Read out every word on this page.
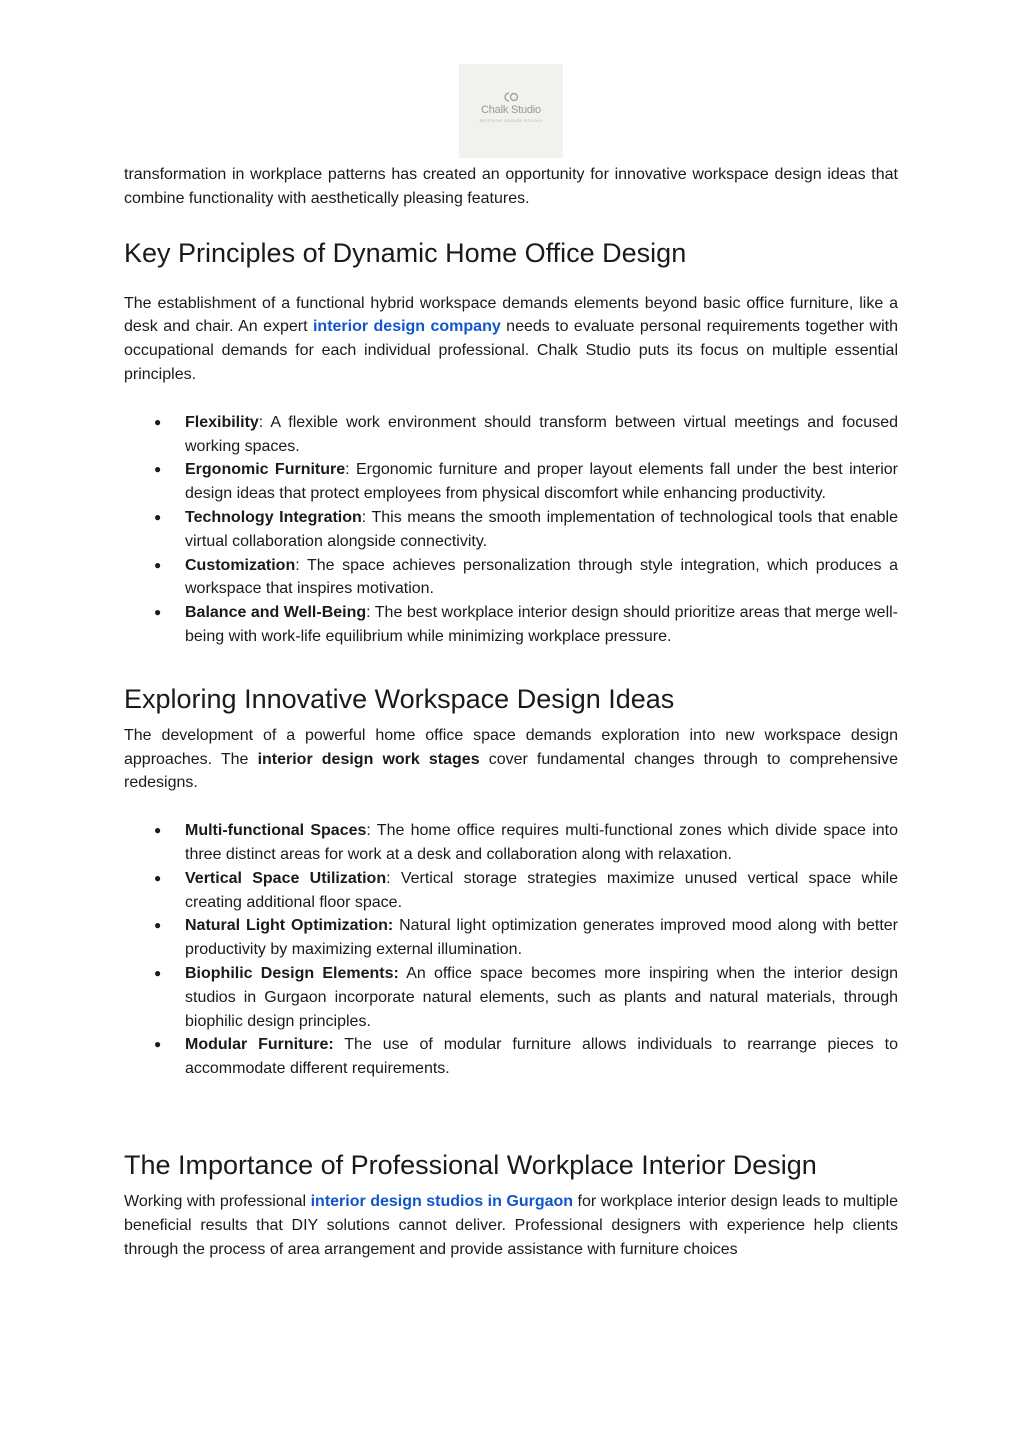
Chalk Studio
INTERIOR DESIGN STUDIO

transformation in workplace patterns has created an opportunity for innovative workspace design ideas that combine functionality with aesthetically pleasing features.

Key Principles of Dynamic Home Office Design

The establishment of a functional hybrid workspace demands elements beyond basic office furniture, like a desk and chair. An expert interior design company needs to evaluate personal requirements together with occupational demands for each individual professional. Chalk Studio puts its focus on multiple essential principles.

● Flexibility: A flexible work environment should transform between virtual meetings and focused working spaces.
● Ergonomic Furniture: Ergonomic furniture and proper layout elements fall under the best interior design ideas that protect employees from physical discomfort while enhancing productivity.
● Technology Integration: This means the smooth implementation of technological tools that enable virtual collaboration alongside connectivity.
● Customization: The space achieves personalization through style integration, which produces a workspace that inspires motivation.
● Balance and Well-Being: The best workplace interior design should prioritize areas that merge well-being with work-life equilibrium while minimizing workplace pressure.
Exploring Innovative Workspace Design Ideas

The development of a powerful home office space demands exploration into new workspace design approaches. The interior design work stages cover fundamental changes through to comprehensive redesigns.

● Multi-functional Spaces: The home office requires multi-functional zones which divide space into three distinct areas for work at a desk and collaboration along with relaxation.
● Vertical Space Utilization: Vertical storage strategies maximize unused vertical space while creating additional floor space.
● Natural Light Optimization: Natural light optimization generates improved mood along with better productivity by maximizing external illumination.
● Biophilic Design Elements: An office space becomes more inspiring when the interior design studios in Gurgaon incorporate natural elements, such as plants and natural materials, through biophilic design principles.
● Modular Furniture: The use of modular furniture allows individuals to rearrange pieces to accommodate different requirements.
The Importance of Professional Workplace Interior Design

Working with professional interior design studios in Gurgaon for workplace interior design leads to multiple beneficial results that DIY solutions cannot deliver. Professional designers with experience help clients through the process of area arrangement and provide assistance with furniture choices
